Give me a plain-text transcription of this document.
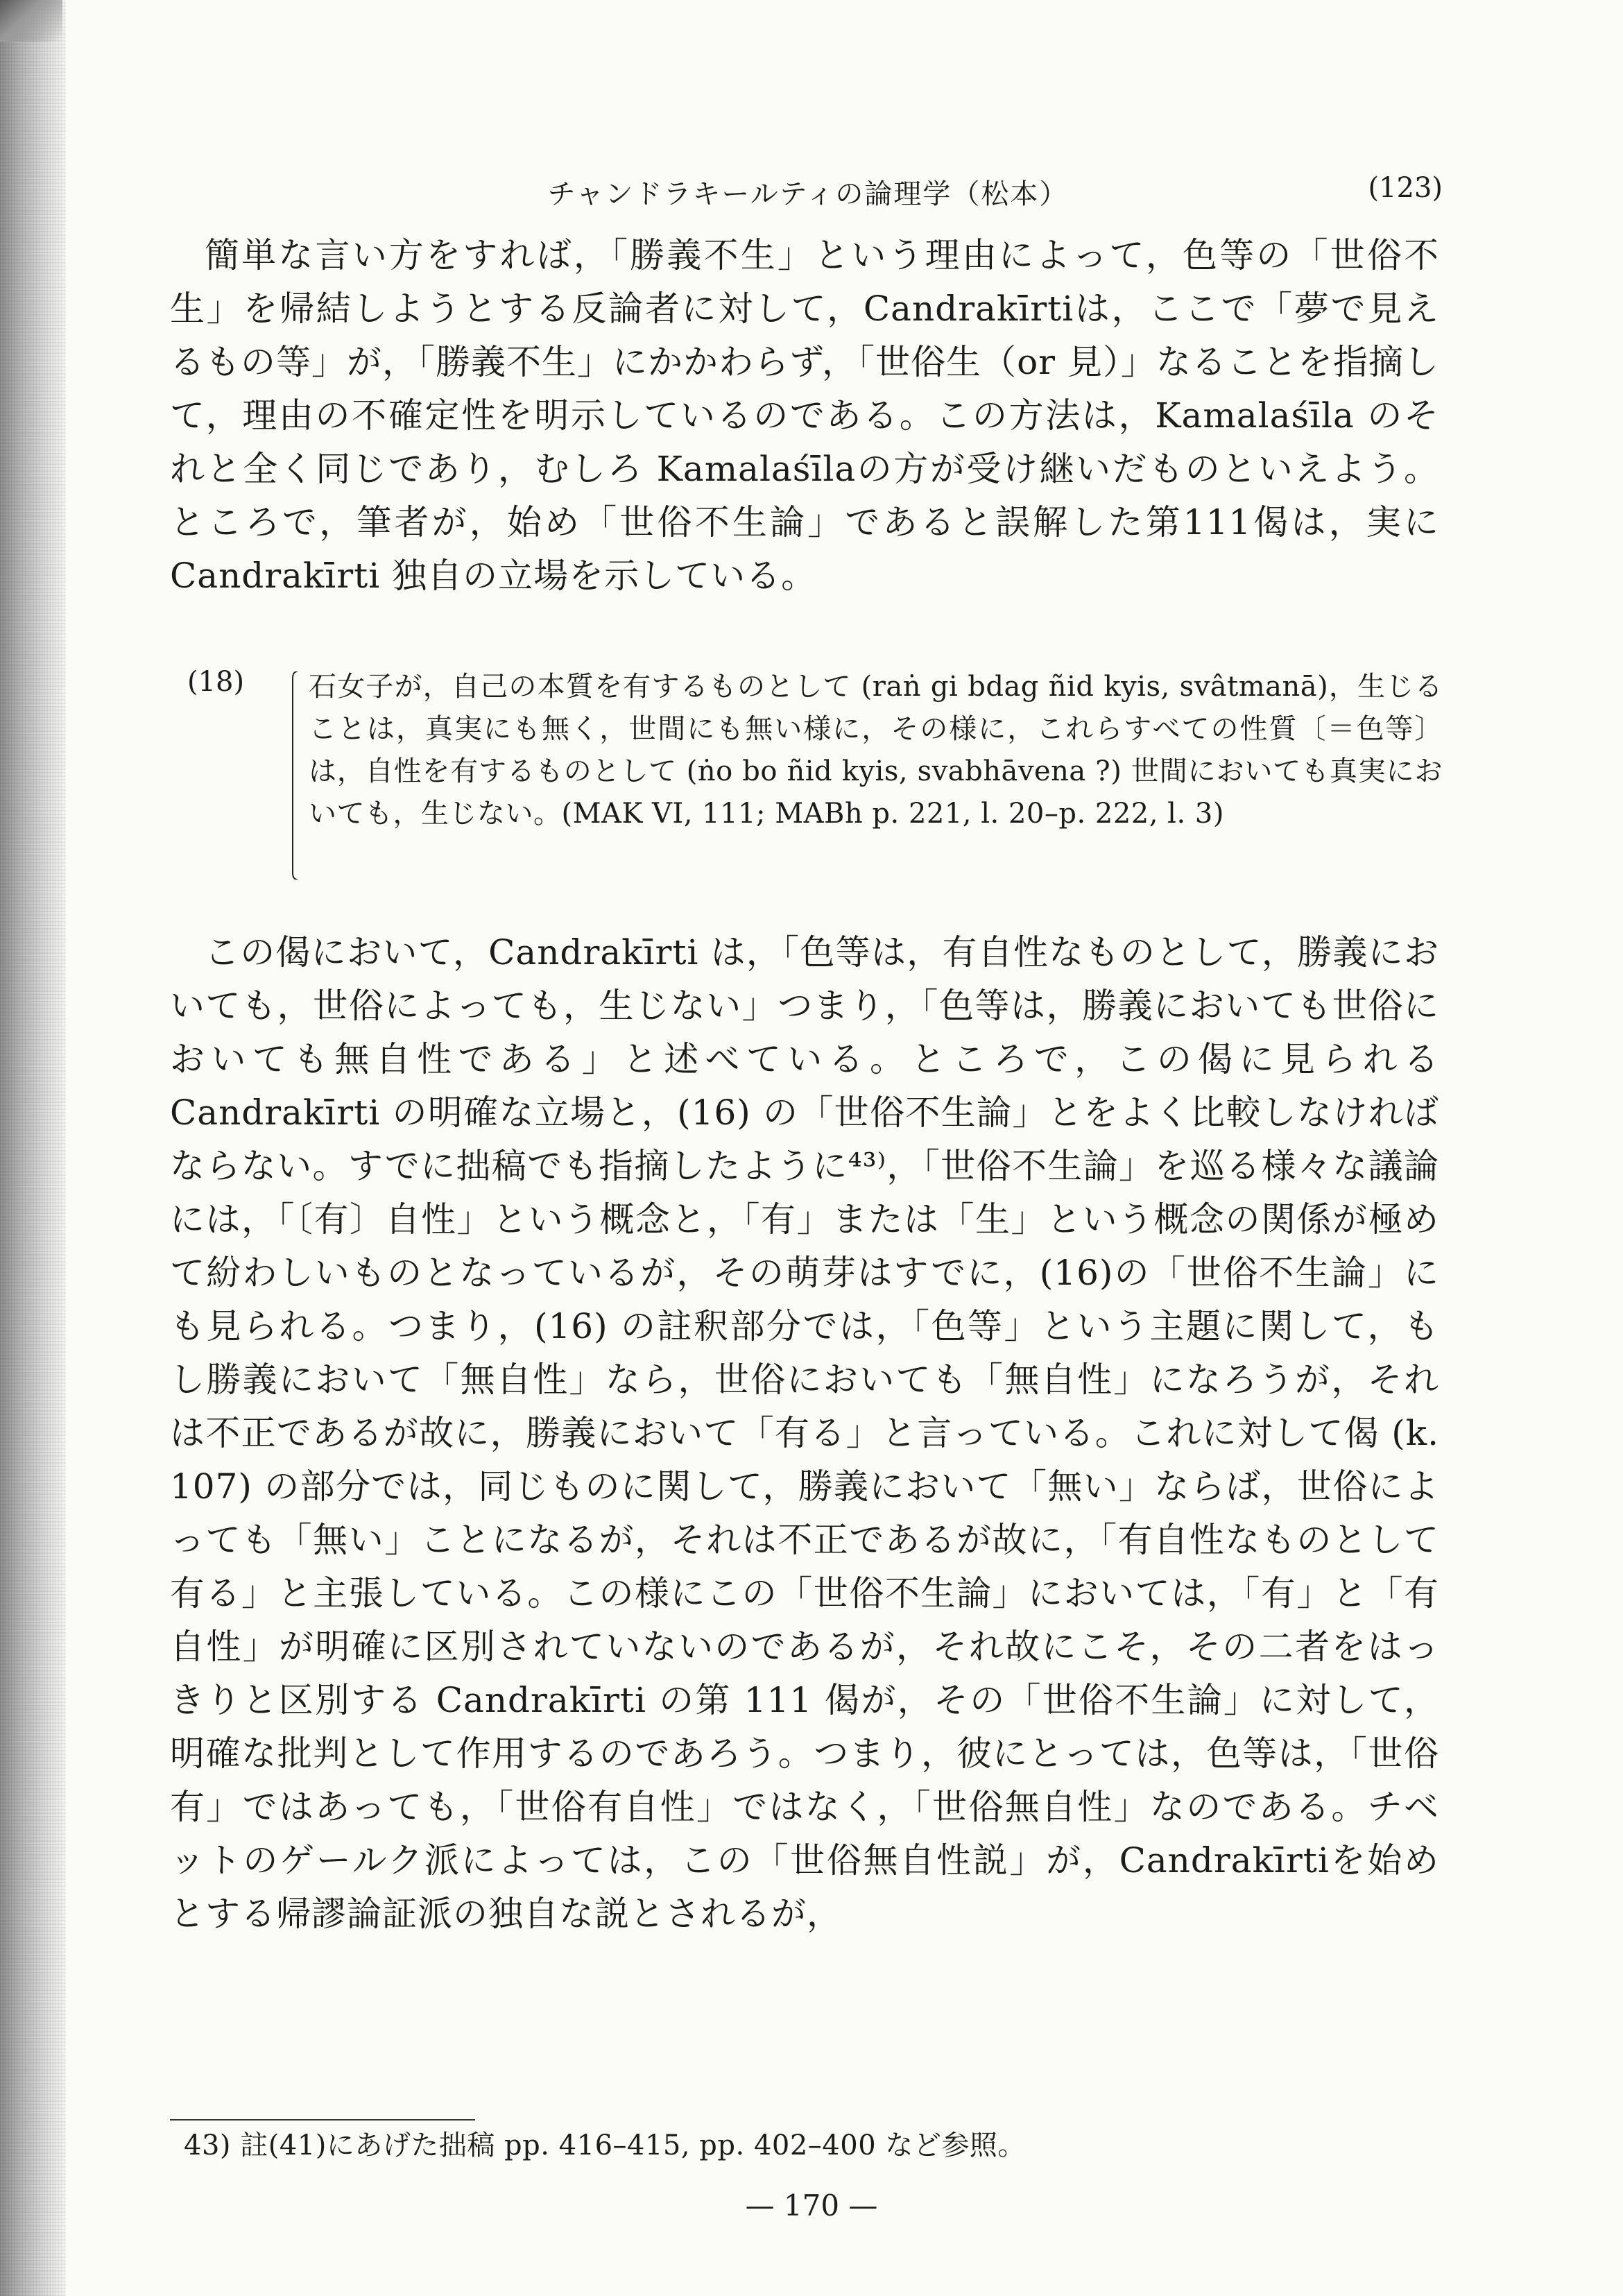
チャンドラキールティの論理学（松本）	(123)
簡単な言い方をすれば，「勝義不生」という理由によって，色等の「世俗不生」を帰結しようとする反論者に対して，Candrakīrtiは，ここで「夢で見えるもの等」が，「勝義不生」にかかわらず，「世俗生（or 見）」なることを指摘して，理由の不確定性を明示しているのである。この方法は，Kamalaśīla のそれと全く同じであり，むしろ Kamalaśīlaの方が受け継いだものといえよう。ところで，筆者が，始め「世俗不生論」であると誤解した第111偈は，実に Candrakīrti 独自の立場を示している。
(18) 石女子が，自己の本質を有するものとして (raṅ gi bdag ñid kyis, svâtmanā)，生じることは，真実にも無く，世間にも無い様に，その様に，これらすべての性質〔＝色等〕は，自性を有するものとして (ṅo bo ñid kyis, svabhāvena ?) 世間においても真実においても，生じない。(MAK VI, 111; MABh p. 221, l. 20–p. 222, l. 3)
この偈において，Candrakīrti は，「色等は，有自性なものとして，勝義においても，世俗によっても，生じない」つまり，「色等は，勝義においても世俗においても無自性である」と述べている。ところで，この偈に見られる Candrakīrti の明確な立場と，(16) の「世俗不生論」とをよく比較しなければならない。すでに拙稿でも指摘したように⁴³⁾，「世俗不生論」を巡る様々な議論には，「〔有〕自性」という概念と，「有」または「生」という概念の関係が極めて紛わしいものとなっているが，その萌芽はすでに，(16)の「世俗不生論」にも見られる。つまり，(16) の註釈部分では，「色等」という主題に関して，もし勝義において「無自性」なら，世俗においても「無自性」になろうが，それは不正であるが故に，勝義において「有る」と言っている。これに対して偈 (k. 107) の部分では，同じものに関して，勝義において「無い」ならば，世俗によっても「無い」ことになるが，それは不正であるが故に，「有自性なものとして有る」と主張している。この様にこの「世俗不生論」においては，「有」と「有自性」が明確に区別されていないのであるが，それ故にこそ，その二者をはっきりと区別する Candrakīrti の第 111 偈が，その「世俗不生論」に対して，明確な批判として作用するのであろう。つまり，彼にとっては，色等は，「世俗有」ではあっても，「世俗有自性」ではなく，「世俗無自性」なのである。チベットのゲールク派によっては，この「世俗無自性説」が，Candrakīrtiを始めとする帰謬論証派の独自な説とされるが，
43) 註(41)にあげた拙稿 pp. 416–415, pp. 402–400 など参照。
— 170 —
